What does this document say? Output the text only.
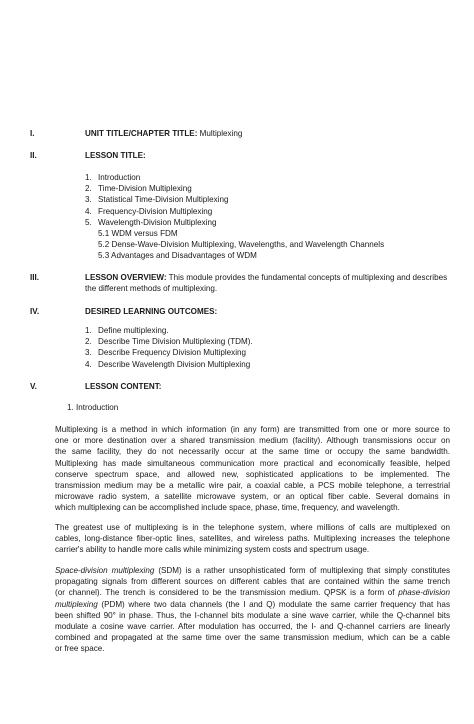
I.	UNIT TITLE/CHAPTER TITLE: Multiplexing
II.	LESSON TITLE:
1. Introduction
2. Time-Division Multiplexing
3. Statistical Time-Division Multiplexing
4. Frequency-Division Multiplexing
5. Wavelength-Division Multiplexing
5.1 WDM versus FDM
5.2 Dense-Wave-Division Multiplexing, Wavelengths, and Wavelength Channels
5.3 Advantages and Disadvantages of WDM
III.	LESSON OVERVIEW: This module provides the fundamental concepts of multiplexing and describes
the different methods of multiplexing.
IV.	DESIRED LEARNING OUTCOMES:
1. Define multiplexing.
2. Describe Time Division Multiplexing (TDM).
3. Describe Frequency Division Multiplexing
4. Describe Wavelength Division Multiplexing
V.	LESSON CONTENT:
1. Introduction
Multiplexing is a method in which information (in any form) are transmitted from one or more source to
one or more destination over a shared transmission medium (facility). Although transmissions occur on
the same facility, they do not necessarily occur at the same time or occupy the same bandwidth.
Multiplexing has made simultaneous communication more practical and economically feasible, helped
conserve spectrum space, and allowed new, sophisticated applications to be implemented. The
transmission medium may be a metallic wire pair, a coaxial cable, a PCS mobile telephone, a terrestrial
microwave radio system, a satellite microwave system, or an optical fiber cable. Several domains in
which multiplexing can be accomplished include space, phase, time, frequency, and wavelength.
The greatest use of multiplexing is in the telephone system, where millions of calls are multiplexed on
cables, long-distance fiber-optic lines, satellites, and wireless paths. Multiplexing increases the telephone
carrier's ability to handle more calls while minimizing system costs and spectrum usage.
Space-division multiplexing (SDM) is a rather unsophisticated form of multiplexing that simply constitutes
propagating signals from different sources on different cables that are contained within the same trench
(or channel). The trench is considered to be the transmission medium. QPSK is a form of phase-division
multiplexing (PDM) where two data channels (the I and Q) modulate the same carrier frequency that has
been shifted 90° in phase. Thus, the I-channel bits modulate a sine wave carrier, while the Q-channel bits
modulate a cosine wave carrier. After modulation has occurred, the I- and Q-channel carriers are linearly
combined and propagated at the same time over the same transmission medium, which can be a cable
or free space.
